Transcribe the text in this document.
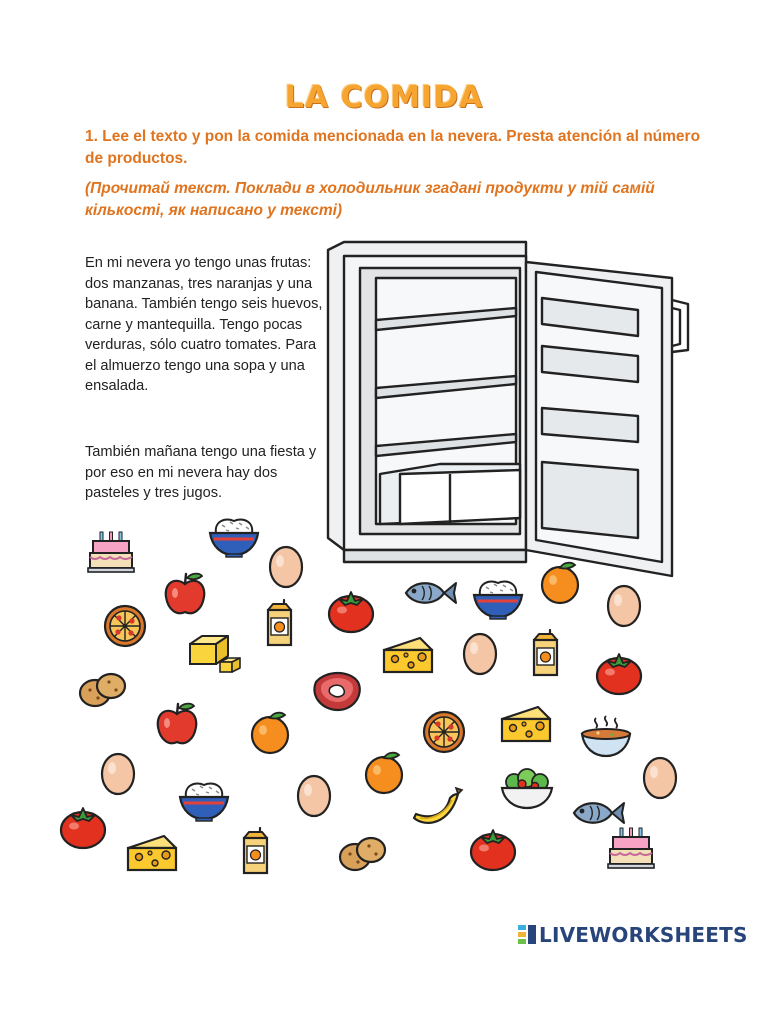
LA COMIDA
1. Lee el texto y pon la comida mencionada en la nevera. Presta atención al número de productos.
(Прочитай текст. Поклади в холодильник згадані продукти у тій самій кількості, як написано у тексті)
En mi nevera yo tengo unas frutas: dos manzanas, tres naranjas y una banana. También tengo seis huevos, carne y mantequilla. Tengo pocas verduras, sólo cuatro tomates. Para el almuerzo tengo una sopa y una ensalada.
También mañana tengo una fiesta y por eso en mi nevera hay dos pasteles y tres jugos.
LIVEWORKSHEETS
